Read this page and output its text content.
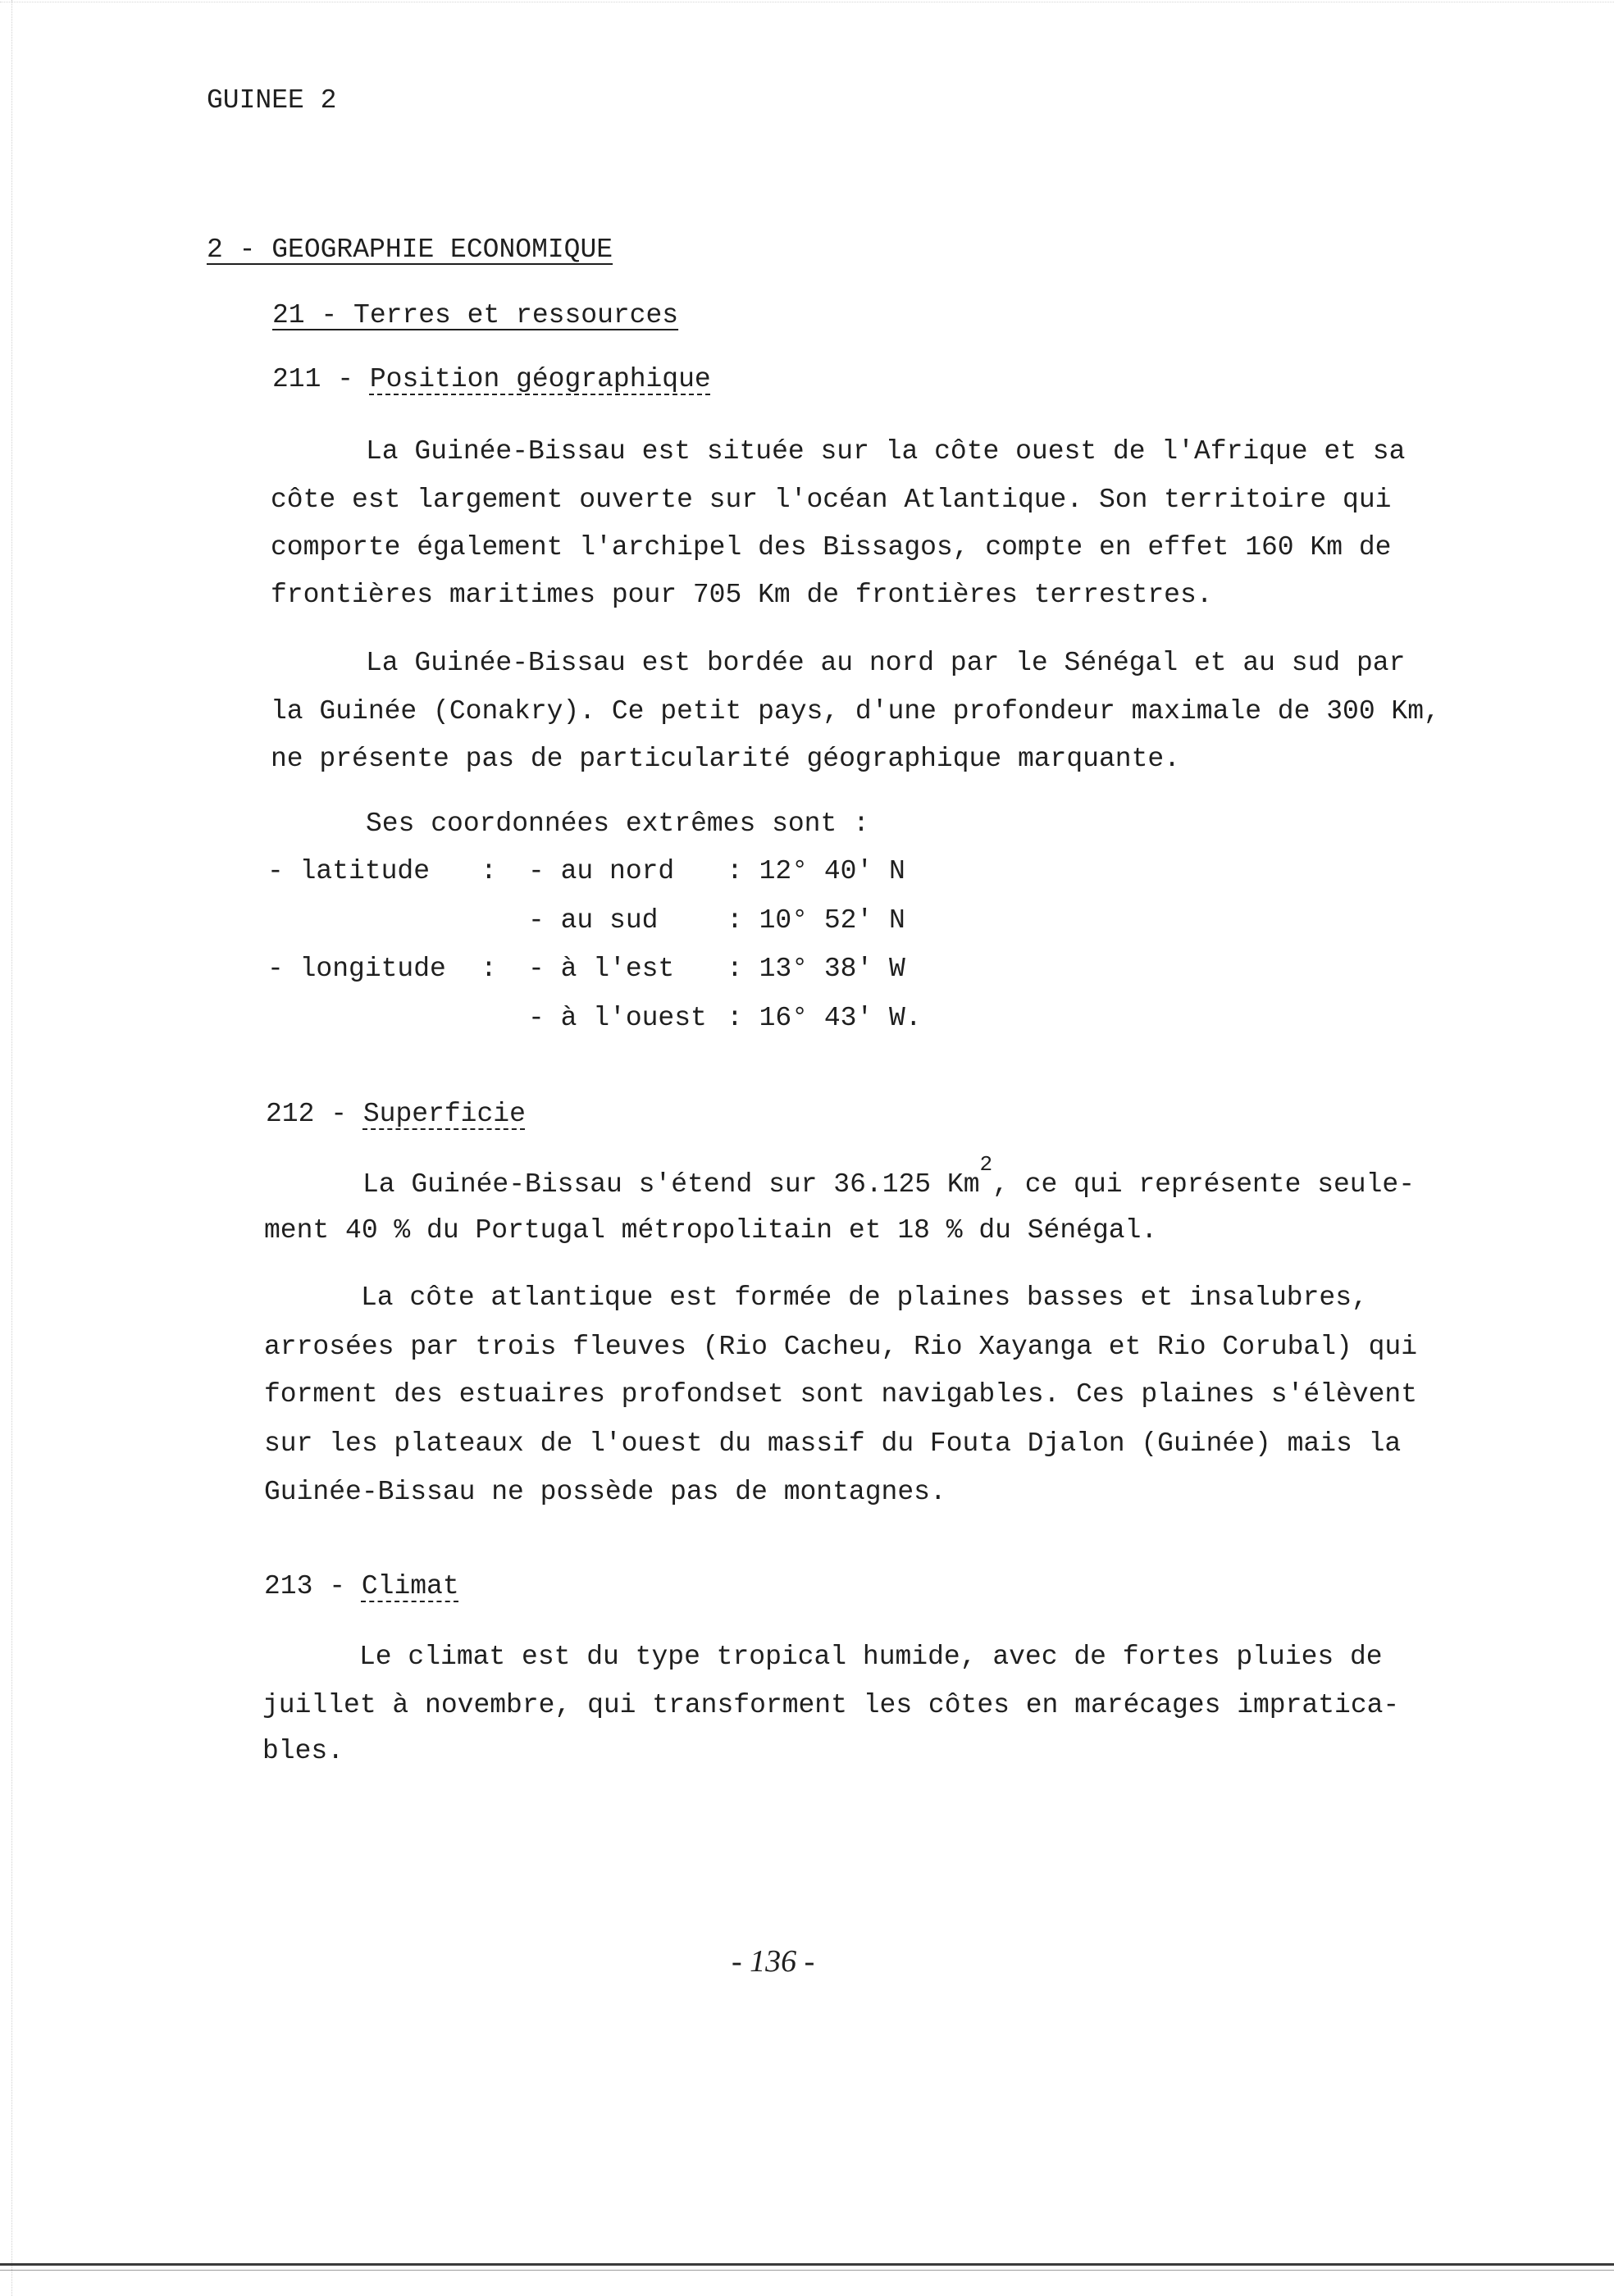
GUINEE 2
2 - GEOGRAPHIE ECONOMIQUE
21 - Terres et ressources
211 - Position géographique
La Guinée-Bissau est située sur la côte ouest de l'Afrique et sa
côte est largement ouverte sur l'océan Atlantique. Son territoire qui
comporte également l'archipel des Bissagos, compte en effet 160 Km de
frontières maritimes pour 705 Km de frontières terrestres.
La Guinée-Bissau est bordée au nord par le Sénégal et au sud par
la Guinée (Conakry). Ce petit pays, d'une profondeur maximale de 300 Km,
ne présente pas de particularité géographique marquante.
Ses coordonnées extrêmes sont :
- latitude : - au nord : 12° 40' N
- au sud	: 10° 52' N
- longitude : - à l'est : 13° 38' W
- à l'ouest : 16° 43' W.
212 - Superficie
La Guinée-Bissau s'étend sur 36.125 Km$^2$, ce qui représente seule-
ment 40 % du Portugal métropolitain et 18 % du Sénégal.
La côte atlantique est formée de plaines basses et insalubres,
arrosées par trois fleuves (Rio Cacheu, Rio Xayanga et Rio Corubal) qui
forment des estuaires profondset sont navigables. Ces plaines s'élèvent
sur les plateaux de l'ouest du massif du Fouta Djalon (Guinée) mais la
Guinée-Bissau ne possède pas de montagnes.
213 - Climat
Le climat est du type tropical humide, avec de fortes pluies de
juillet à novembre, qui transforment les côtes en marécages impratica-
bles.
- 136 -
